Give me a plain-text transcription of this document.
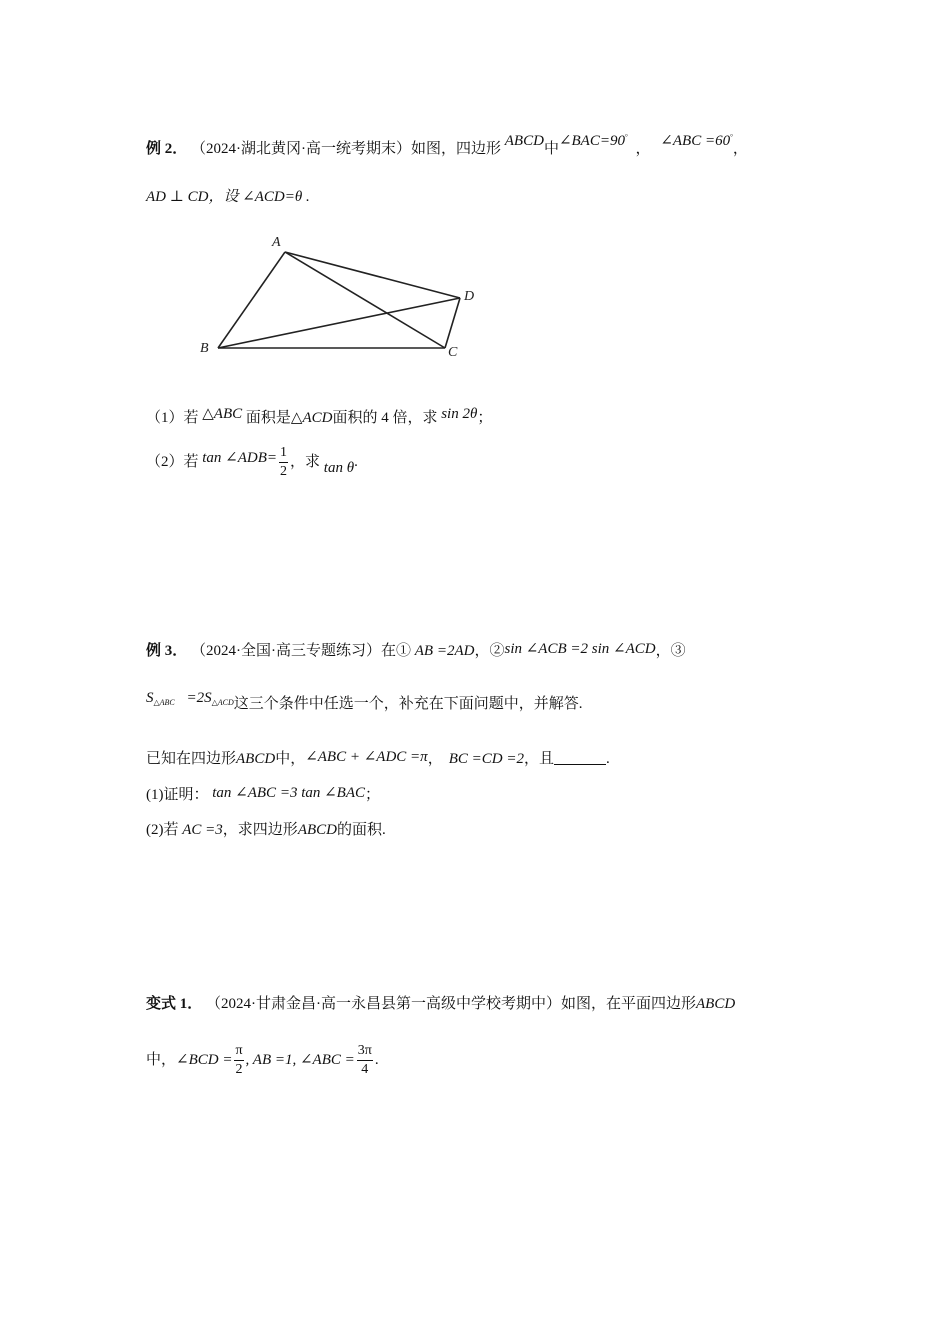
例 2． （2024·湖北黄冈·高一统考期末）如图，四边形 ABCD中∠BAC=90° ， ∠ABC =60°，
AD ⊥ CD，设 ∠ACD=θ .
A
B	C
D
（1）若 △ABC 面积是△ACD面积的 4 倍，求 sin 2θ；
（2）若 tan ∠ADB= $\frac{1}{2}$ ，求 tan θ.
例 3． （2024·全国·高三专题练习）在① AB =2AD，②sin ∠ACB =2 sin ∠ACD，③
$S^{\triangle ABC} =2S^{\triangle ACD}$这三个条件中任选一个，补充在下面问题中，并解答.
已知在四边形ABCD中，∠ABC + ∠ADC =π， BC =CD =2，且	.
(1)证明： tan ∠ABC =3 tan ∠BAC；
(2)若 AC =3，求四边形ABCD的面积.
变式 1． （2024·甘肃金昌·高一永昌县第一高级中学校考期中）如图，在平面四边形ABCD
中，∠BCD = $\frac{\pi}{2}$ , AB =1, ∠ABC = $\frac{3\pi}{4}$ .
